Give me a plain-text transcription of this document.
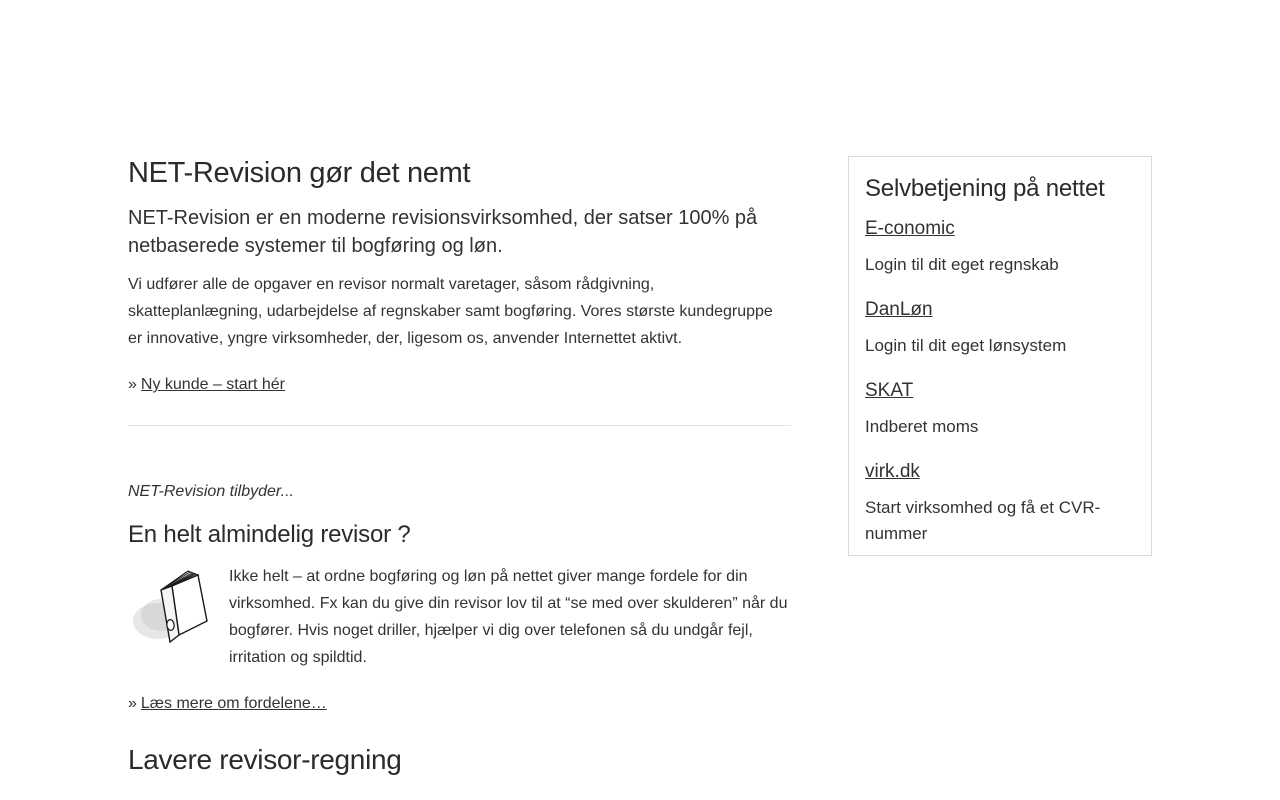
NET-Revision gør det nemt
NET-Revision er en moderne revisionsvirksomhed, der satser 100% på netbaserede systemer til bogføring og løn.

Vi udfører alle de opgaver en revisor normalt varetager, såsom rådgivning, skatteplanlægning, udarbejdelse af regnskaber samt bogføring. Vores største kundegruppe er innovative, yngre virksomheder, der, ligesom os, anvender Internettet aktivt.

» Ny kunde – start hér

NET-Revision tilbyder...

En helt almindelig revisor ?
Ikke helt – at ordne bogføring og løn på nettet giver mange fordele for din virksomhed. Fx kan du give din revisor lov til at “se med over skulderen” når du bogfører. Hvis noget driller, hjælper vi dig over telefonen så du undgår fejl, irritation og spildtid.

» Læs mere om fordelene…

Lavere revisor-regning
Selvbetjening på nettet
E-conomic

Login til dit eget regnskab

DanLøn

Login til dit eget lønsystem

SKAT

Indberet moms

virk.dk

Start virksomhed og få et CVR-nummer
